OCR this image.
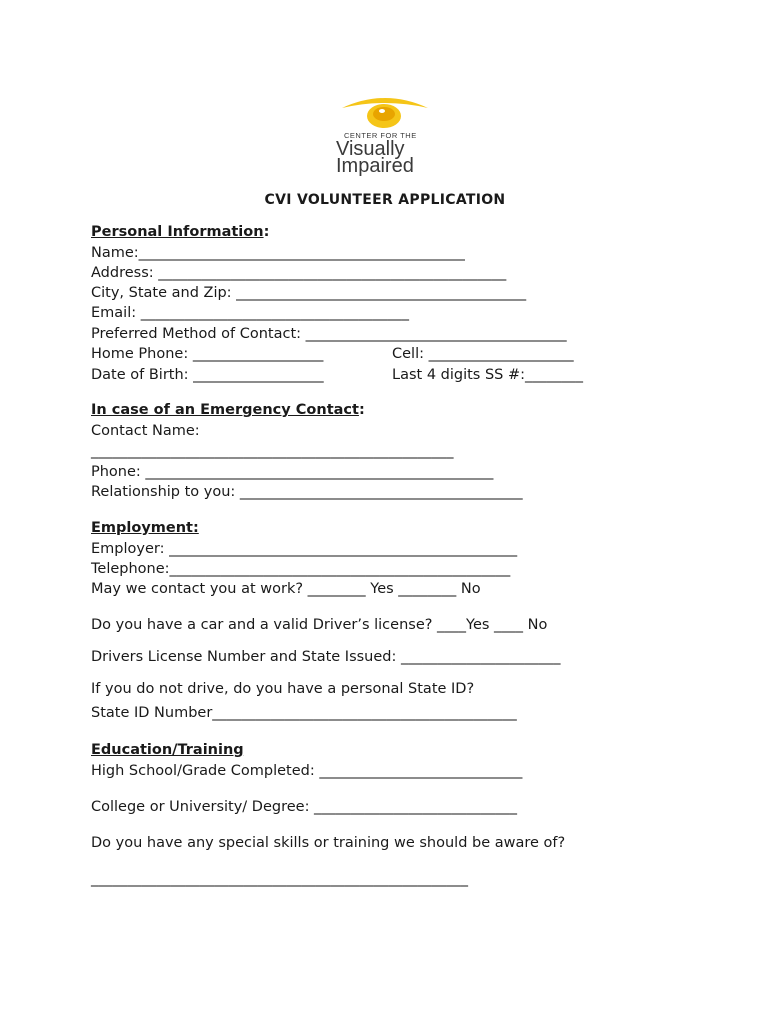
CENTER FOR THE
Visually
Impaired
CVI VOLUNTEER APPLICATION
Personal Information:
Name:_____________________________________________
Address: ________________________________________________
City, State and Zip: ________________________________________
Email: _____________________________________
Preferred Method of Contact: ____________________________________
Home Phone: __________________	Cell: ____________________
Date of Birth: __________________	Last 4 digits SS #:________
In case of an Emergency Contact:
Contact Name:
__________________________________________________
Phone: ________________________________________________
Relationship to you: _______________________________________
Employment:
Employer: ________________________________________________
Telephone:_______________________________________________
May we contact you at work? ________ Yes ________ No
Do you have a car and a valid Driver’s license? ____Yes ____ No
Drivers License Number and State Issued: ______________________
If you do not drive, do you have a personal State ID?
State ID Number__________________________________________
Education/Training
High School/Grade Completed: ____________________________
College or University/ Degree: ____________________________
Do you have any special skills or training we should be aware of?
____________________________________________________
